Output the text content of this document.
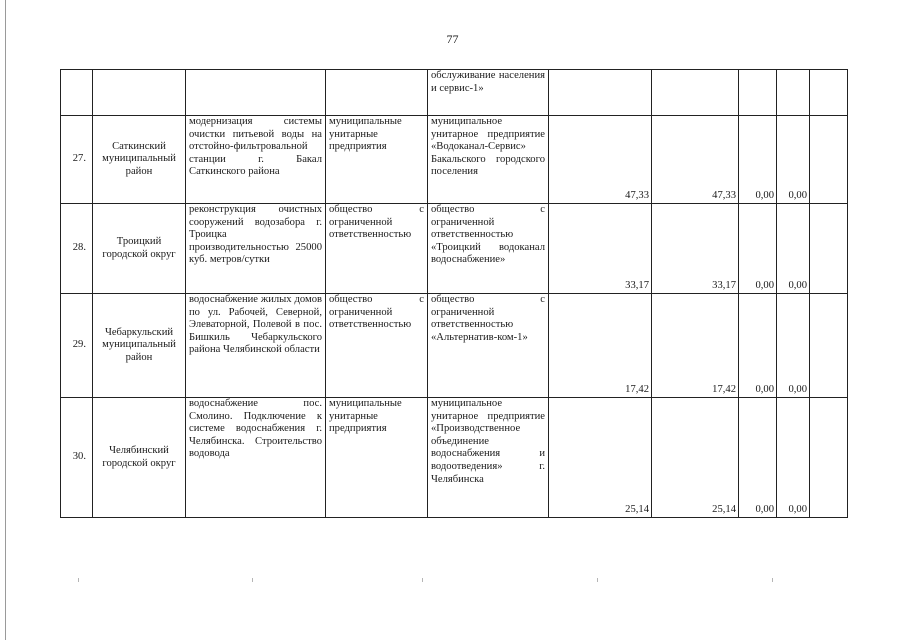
77
				обслуживание населения и сервис-1»					
27.	Саткинский муниципальный район	модернизация системы очистки питьевой воды на отстойно-фильтровальной станции г. Бакал Саткинского района	муниципальные унитарные предприятия	муниципальное унитарное предприятие «Водоканал-Сервис» Бакальского городского поселения	47,33	47,33	0,00	0,00	
28.	Троицкий городской округ	реконструкция очистных сооружений водозабора г. Троицка производительностью 25000 куб. метров/сутки	общество с ограниченной ответственностью	общество с ограниченной ответственностью «Троицкий водоканал водоснабжение»	33,17	33,17	0,00	0,00	
29.	Чебаркульский муниципальный район	водоснабжение жилых домов по ул. Рабочей, Северной, Элеваторной, Полевой в пос. Бишкиль Чебаркульского района Челябинской области	общество с ограниченной ответственностью	общество с ограниченной ответственностью «Альтернатив-ком-1»	17,42	17,42	0,00	0,00	
30.	Челябинский городской округ	водоснабжение пос. Смолино. Подключение к системе водоснабжения г. Челябинска. Строительство водовода	муниципальные унитарные предприятия	муниципальное унитарное предприятие «Производственное объединение водоснабжения и водоотведения» г. Челябинска	25,14	25,14	0,00	0,00	
